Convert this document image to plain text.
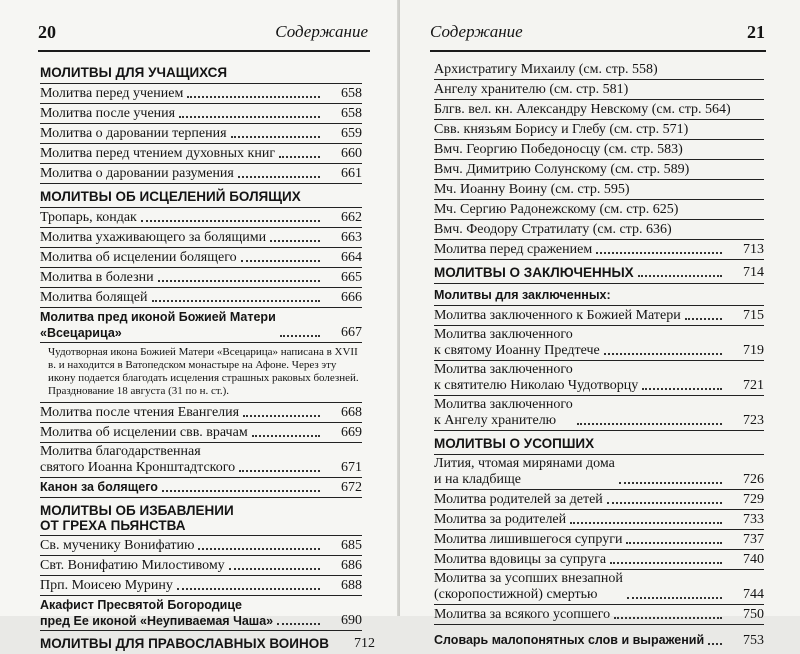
20	Содержание
МОЛИТВЫ ДЛЯ УЧАЩИХСЯ
Молитва перед учением	658
Молитва после учения	658
Молитва о даровании терпения	659
Молитва перед чтением духовных книг	660
Молитва о даровании разумения	661
МОЛИТВЫ ОБ ИСЦЕЛЕНИЙ БОЛЯЩИХ
Тропарь, кондак	662
Молитва ухаживающего за болящими	663
Молитва об исцелении болящего	664
Молитва в болезни	665
Молитва болящей	666
Молитва пред иконой Божией Матери
«Всецарица»	667
Чудотворная икона Божией Матери «Всецарица» написана в XVII в. и находится в Ватопедском монастыре на Афоне. Через эту икону подается благодать исцеления страшных раковых болезней. Празднование 18 августа (31 по н. ст.).
Молитва после чтения Евангелия	668
Молитва об исцелении свв. врачам	669
Молитва благодарственная
святого Иоанна Кронштадтского	671
Канон за болящего	672
МОЛИТВЫ ОБ ИЗБАВЛЕНИИ
ОТ ГРЕХА ПЬЯНСТВА
Св. мученику Вонифатию	685
Свт. Вонифатию Милостивому	686
Прп. Моисею Мурину	688
Акафист Пресвятой Богородице
пред Ее иконой «Неупиваемая Чаша»	690
МОЛИТВЫ ДЛЯ ПРАВОСЛАВНЫХ ВОИНОВ	712
Содержание	21
Архистратигу Михаилу (см. стр. 558)
Ангелу хранителю (см. стр. 581)
Блгв. вел. кн. Александру Невскому (см. стр. 564)
Свв. князьям Борису и Глебу (см. стр. 571)
Вмч. Георгию Победоносцу (см. стр. 583)
Вмч. Димитрию Солунскому (см. стр. 589)
Мч. Иоанну Воину (см. стр. 595)
Мч. Сергию Радонежскому (см. стр. 625)
Вмч. Феодору Стратилату (см. стр. 636)
Молитва перед сражением	713
МОЛИТВЫ О ЗАКЛЮЧЕННЫХ	714
Молитвы для заключенных:
Молитва заключенного к Божией Матери	715
Молитва заключенного
к святому Иоанну Предтече	719
Молитва заключенного
к святителю Николаю Чудотворцу	721
Молитва заключенного
к Ангелу хранителю	723
МОЛИТВЫ О УСОПШИХ
Лития, чтомая мирянами дома
и на кладбище	726
Молитва родителей за детей	729
Молитва за родителей	733
Молитва лишившегося супруги	737
Молитва вдовицы за супруга	740
Молитва за усопших внезапной
(скоропостижной) смертью	744
Молитва за всякого усопшего	750
Словарь малопонятных слов и выражений	753
